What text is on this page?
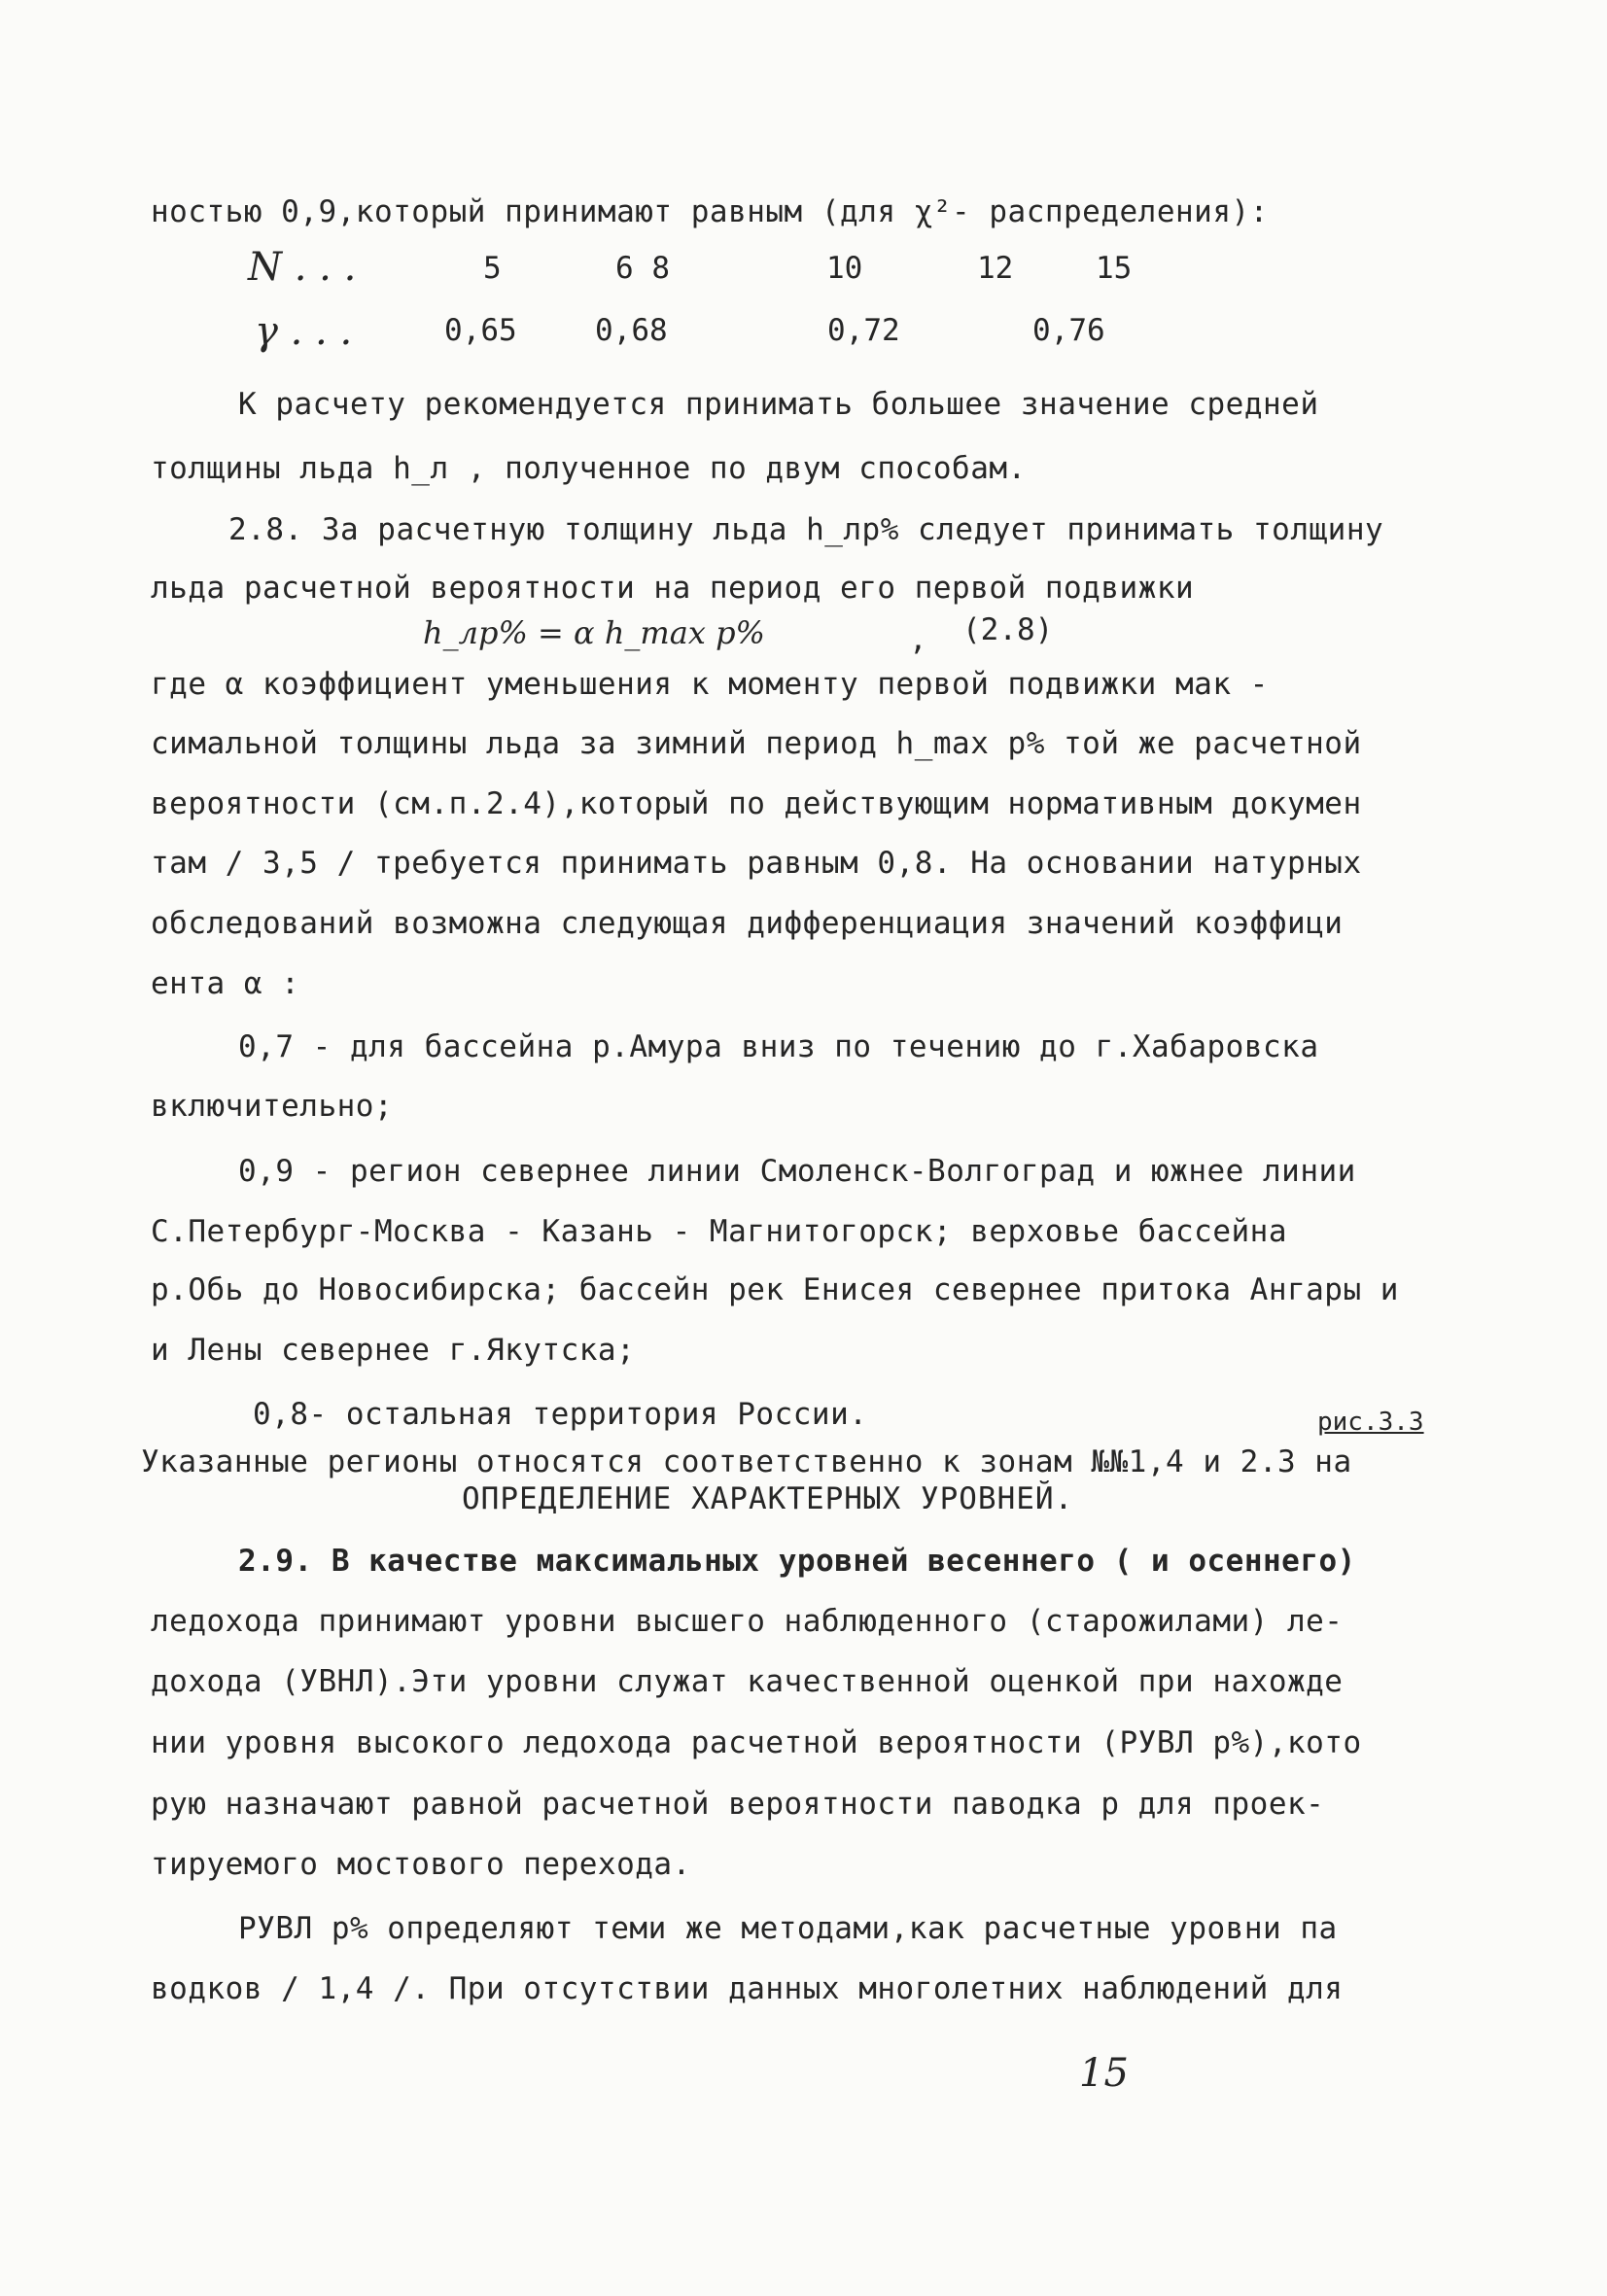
ностью 0,9,который принимают равным (для χ²- распределения):
N . . .	5	6 8	10	12	15
γ . . .	0,65	0,68	0,72	0,76
К расчету рекомендуется принимать большее значение средней
толщины льда h_л , полученное по двум способам.
2.8. За расчетную толщину льда h_лр% следует принимать толщину
льда расчетной вероятности на период его первой подвижки
h_лр% = α h_max р%	, (2.8)
где α коэффициент уменьшения к моменту первой подвижки мак -
симальной толщины льда за зимний период h_max р% той же расчетной
вероятности (см.п.2.4),который по действующим нормативным докумен
там / 3,5 / требуется принимать равным 0,8. На основании натурных
обследований возможна следующая дифференциация значений коэффици
ента α :
0,7 - для бассейна р.Амура вниз по течению до г.Хабаровска
включительно;
0,9 - регион севернее линии Смоленск-Волгоград и южнее линии
С.Петербург-Москва - Казань - Магнитогорск; верховье бассейна
р.Обь до Новосибирска; бассейн рек Енисея севернее притока Ангары и
и Лены севернее г.Якутска;
0,8- остальная территория России.	рис.3.3
Указанные регионы относятся соответственно к зонам №№1,4 и 2.3 на
ОПРЕДЕЛЕНИЕ ХАРАКТЕРНЫХ УРОВНЕЙ.
2.9. В качестве максимальных уровней весеннего ( и осеннего)
ледохода принимают уровни высшего наблюденного (старожилами) ле-
дохода (УВНЛ).Эти уровни служат качественной оценкой при нахожде
нии уровня высокого ледохода расчетной вероятности (РУВЛ р%),кото
рую назначают равной расчетной вероятности паводка р для проек-
тируемого мостового перехода.
РУВЛ р% определяют теми же методами,как расчетные уровни па
водков / 1,4 /. При отсутствии данных многолетних наблюдений для
15
